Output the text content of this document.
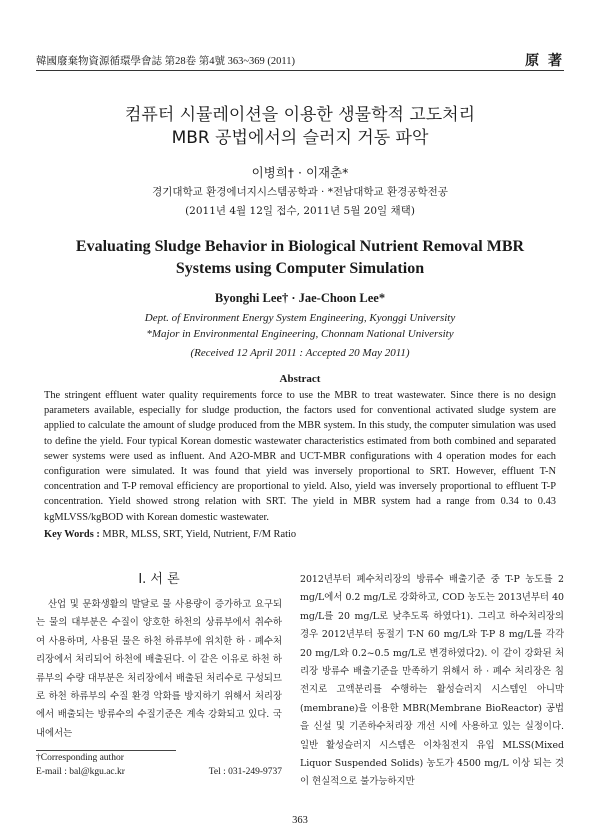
韓國廢棄物資源循環學會誌 第28卷 第4號 363~369 (2011)	原 著
컴퓨터 시뮬레이션을 이용한 생물학적 고도처리
MBR 공법에서의 슬러지 거동 파악
이병희† · 이재춘*
경기대학교 환경에너지시스템공학과 · *전남대학교 환경공학전공
(2011년 4월 12일 접수, 2011년 5월 20일 채택)
Evaluating Sludge Behavior in Biological Nutrient Removal MBR
Systems using Computer Simulation
Byonghi Lee† · Jae-Choon Lee*
Dept. of Environment Energy System Engineering, Kyonggi University
*Major in Environmental Engineering, Chonnam National University
(Received 12 April 2011 : Accepted 20 May 2011)
Abstract
The stringent effluent water quality requirements force to use the MBR to treat wastewater. Since there is no design parameters available, especially for sludge production, the factors used for conventional activated sludge system are applied to calculate the amount of sludge produced from the MBR system. In this study, the computer simulation was used to define the yield. Four typical Korean domestic wastewater characteristics estimated from both combined and separated sewer systems were used as influent. And A2O-MBR and UCT-MBR configurations with 4 operation modes for each configuration were simulated. It was found that yield was inversely proportional to SRT. However, effluent T-N concentration and T-P removal efficiency are proportional to yield. Also, yield was inversely proportional to effluent T-P concentration. Yield showed strong relation with SRT. The yield in MBR system had a range from 0.34 to 0.43 kgMLVSS/kgBOD with Korean domestic wastewater.
Key Words : MBR, MLSS, SRT, Yield, Nutrient, F/M Ratio
I. 서 론
산업 및 문화생활의 발달로 물 사용량이 증가하고 요구되는 물의 대부분은 수질이 양호한 하천의 상류부에서 취수하여 사용하며, 사용된 물은 하천 하류부에 위치한 하 · 폐수처리장에서 처리되어 하천에 배출된다. 이 같은 이유로 하천 하류부의 수량 대부분은 처리장에서 배출된 처리수로 구성되므로 하천 하류부의 수질 환경 악화를 방지하기 위해서 처리장에서 배출되는 방류수의 수질기준은 계속 강화되고 있다. 국내에서는
2012년부터 폐수처리장의 방류수 배출기준 중 T-P 농도를 2 mg/L에서 0.2 mg/L로 강화하고, COD 농도는 2013년부터 40 mg/L를 20 mg/L로 낮추도록 하였다1). 그리고 하수처리장의 경우 2012년부터 동절기 T-N 60 mg/L와 T-P 8 mg/L를 각각 20 mg/L와 0.2~0.5 mg/L로 변경하였다2). 이 같이 강화된 처리장 방류수 배출기준을 만족하기 위해서 하 · 폐수 처리장은 침전지로 고액분리를 수행하는 활성슬러지 시스템인 아니막(membrane)을 이용한 MBR(Membrane BioReactor) 공법을 신설 및 기존하수처리장 개선 시에 사용하고 있는 실정이다. 일반 활성슬러지 시스템은 이차침전지 유입 MLSS(Mixed Liquor Suspended Solids) 농도가 4500 mg/L 이상 되는 것이 현실적으로 불가능하지만
†Corresponding author
E-mail : bal@kgu.ac.kr	Tel : 031-249-9737
363
